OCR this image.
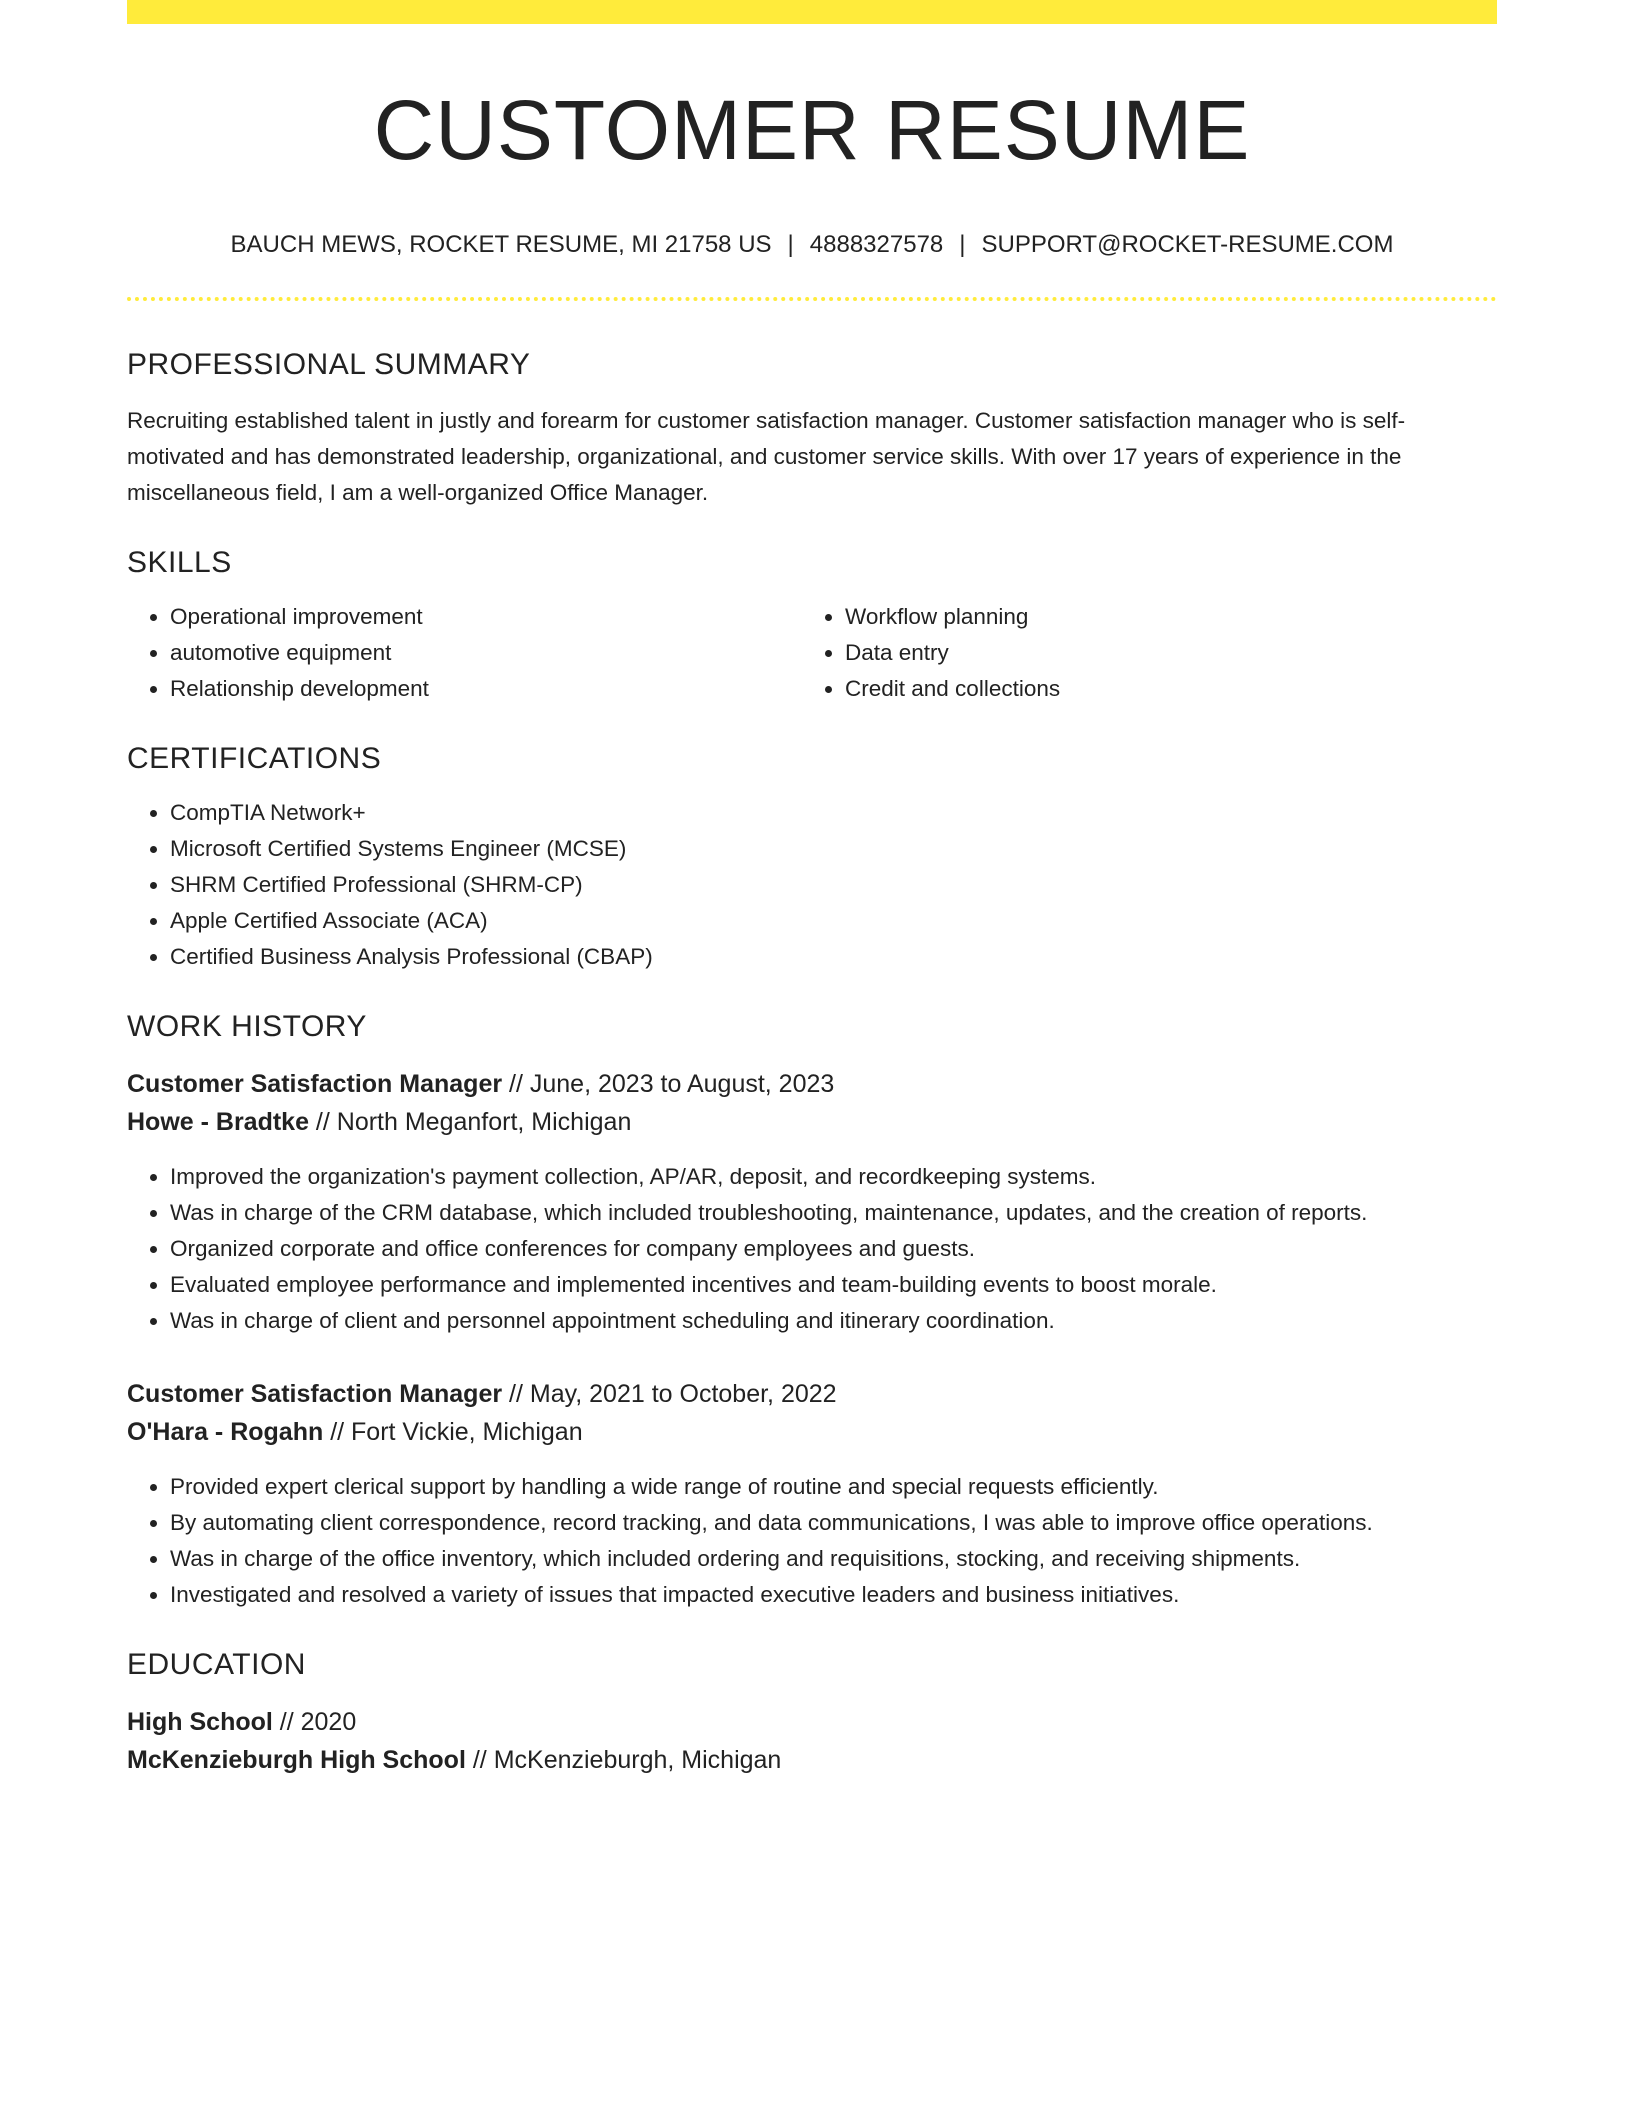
CUSTOMER RESUME
BAUCH MEWS, ROCKET RESUME, MI 21758 US | 4888327578 | SUPPORT@ROCKET-RESUME.COM
PROFESSIONAL SUMMARY

Recruiting established talent in justly and forearm for customer satisfaction manager. Customer satisfaction manager who is self-motivated and has demonstrated leadership, organizational, and customer service skills. With over 17 years of experience in the miscellaneous field, I am a well-organized Office Manager.

SKILLS
• Operational improvement
• automotive equipment
• Relationship development
• Workflow planning
• Data entry
• Credit and collections
CERTIFICATIONS
• CompTIA Network+
• Microsoft Certified Systems Engineer (MCSE)
• SHRM Certified Professional (SHRM-CP)
• Apple Certified Associate (ACA)
• Certified Business Analysis Professional (CBAP)
WORK HISTORY

Customer Satisfaction Manager // June, 2023 to August, 2023

Howe - Bradtke // North Meganfort, Michigan

• Improved the organization's payment collection, AP/AR, deposit, and recordkeeping systems.
• Was in charge of the CRM database, which included troubleshooting, maintenance, updates, and the creation of reports.
• Organized corporate and office conferences for company employees and guests.
• Evaluated employee performance and implemented incentives and team-building events to boost morale.
• Was in charge of client and personnel appointment scheduling and itinerary coordination.

Customer Satisfaction Manager // May, 2021 to October, 2022

O'Hara - Rogahn // Fort Vickie, Michigan

• Provided expert clerical support by handling a wide range of routine and special requests efficiently.
• By automating client correspondence, record tracking, and data communications, I was able to improve office operations.
• Was in charge of the office inventory, which included ordering and requisitions, stocking, and receiving shipments.
• Investigated and resolved a variety of issues that impacted executive leaders and business initiatives.
EDUCATION

High School // 2020

McKenzieburgh High School // McKenzieburgh, Michigan
